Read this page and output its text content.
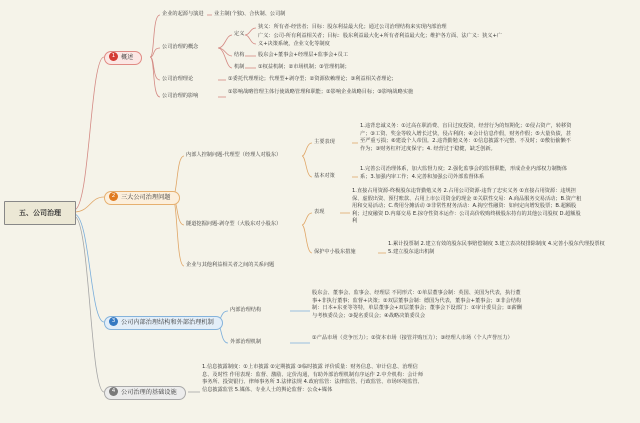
五、公司治理
1 概述
企业的起源与演进 业主制(个独)、合伙制、公司制
公司治理的概念
定义
狭义：所有者-经营者；目标：股东利益最大化；通过公司治理结构来实现内部治理
广义：公司-所有利益相关者；目标：股东利益最大化+所有者利益最大化；维护各方面、法广义：狭义+广义+决策系统，企业文化等制度
结构	股东会+董事会+经理层+监事会+员工
机制	①权益机制；②市场机制；③管理机制；
公司治理理论	①委托代理理论；代理型+剥夺型；②资源依赖理论；③利益相关者理论；
公司治理的影响
①影响战略管理主体行使战略管理和职能；②影响企业战略目标；③影响战略实施
2 三大公司治理问题
内部人控制问题-代理型（经理人对股东）
主要表现
1.违背忠诚义务：①过高在职消费、盲目过度投资，经营行为的短期化；②侵占资产，转移资产；③工资、奖金等收入增长过快，侵占利润；④会计信息作假，财务作假；⑤大量负债，甚至严重亏损；⑥建设个人帝国。2.违背勤勉义务：①信息披露不完整、不及时；②敷衍偷懒不作为；③财务杠杆过度保守；4. 经营过于稳健，缺乏创新。
基本对策
1.完善公司治理体系，加大监督力度；2.强化监事会的监督职能，形成企业内部权力制衡体系；3.加强内审工作；4.完善和加强公司外部监督体系
隧道挖掘问题-剥夺型（大股东对小股东）
表现
1.直接占用资源-终极股东违背勤勉义务 2.占用公司资源-违背了忠实义务 ①直接占用资源：违规担保、虚假出资、预付账款、占用上市公司资金的现金 ②关联性交易：A.商品服务交易活动；B.资产租用和交易活动；C.费用分摊活动 ③非常性财务活动：A.掏空性融资：如何定向增发股票；B.超额股利；过度融资 D.内幕交易 E.掠夺性资本运作：公司高价收购终极股东持有的其他公司股权 D.超额股利
保护中小股东措施
1.累计投票制 2.建立有效的股东民事赔偿制度 3.建立表决权排除制度 4.完善小股东代理投票权 5.建立股东退出机制
企业与其他利益相关者之间的关系问题
3 公司内部治理结构和外部治理机制
内部治理结构
股东会、董事会、监事会、经理层 不同形式：①单层董事会制：英国、美国为代表，执行董事+非执行董事；监督+决策；②双层董事会制：德国为代表，董事会+董事会；③非会结构制：日本+东亚等等特，单层董事会+双层董事会；董事会下设部门：①审计委员会；②薪酬与考核委员会；③提名委员会；④战略决策委员会
外部治理机制
①产品市场（竞争压力）；②资本市场（接管并购压力）；③经理人市场（个人声誉压力）
4 公司治理的基础设施
1.信息披露制度：①上市披露 ②定期披露 ③临时披露 评价质量：财务信息、审计信息、治理信息、及时性 作用表现：监督、激励、定价沟通，有助外部治理机制有序运作 2.中介机构：会计师事务所、投资银行、律师事务所 3.法律法规 4.政府监管：法律监管、行政监管、市场环境监管、信息披露监管 5.媒体、专业人士的舆论监督：公众+媒体
